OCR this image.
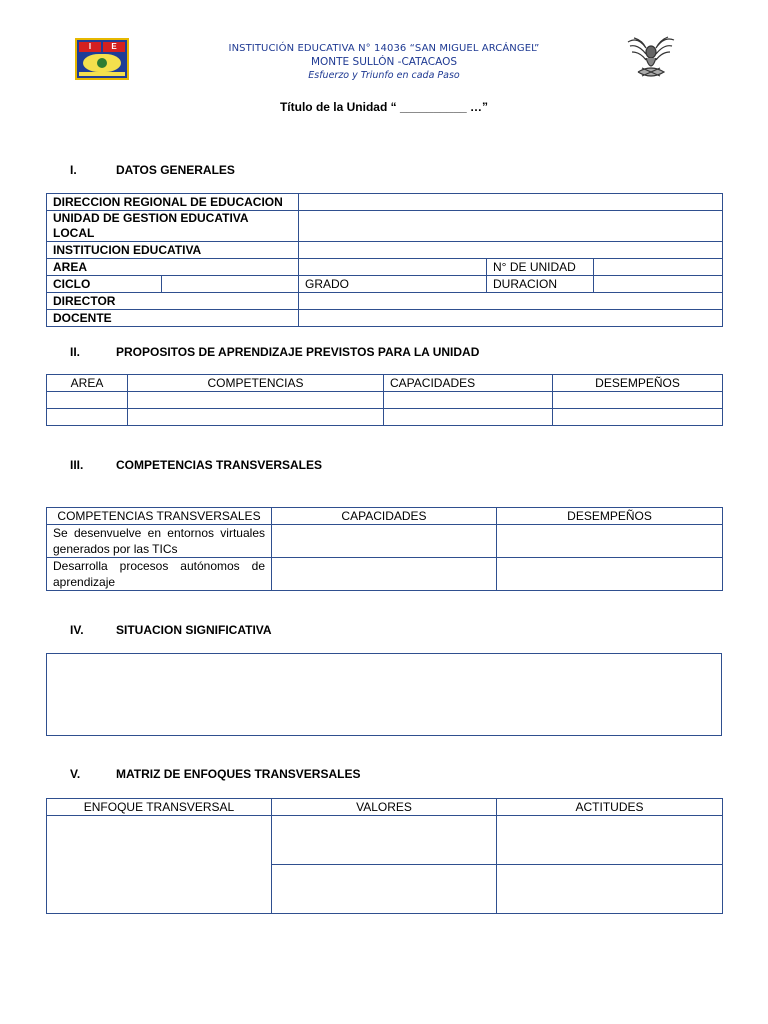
I	E	INSTITUCIÓN EDUCATIVA N° 14036 “SAN MIGUEL ARCÁNGEL”
MONTE SULLÓN -CATACAOS
Esfuerzo y Triunfo en cada Paso
Título de la Unidad “ __________ …”
I.	DATOS GENERALES
DIRECCION REGIONAL DE EDUCACION				
UNIDAD DE GESTION EDUCATIVA LOCAL				
INSTITUCION EDUCATIVA				
AREA			N° DE UNIDAD	
CICLO		GRADO	DURACION	
DIRECTOR				
DOCENTE				
II.	PROPOSITOS DE APRENDIZAJE PREVISTOS PARA LA UNIDAD
AREA	COMPETENCIAS	CAPACIDADES	DESEMPEÑOS

III.	COMPETENCIAS TRANSVERSALES
COMPETENCIAS TRANSVERSALES	CAPACIDADES	DESEMPEÑOS
Se desenvuelve en entornos virtuales generados por las TICs		
Desarrolla procesos autónomos de aprendizaje		
IV.	SITUACION SIGNIFICATIVA
V.	MATRIZ DE ENFOQUES TRANSVERSALES
ENFOQUE TRANSVERSAL	VALORES	ACTITUDES
